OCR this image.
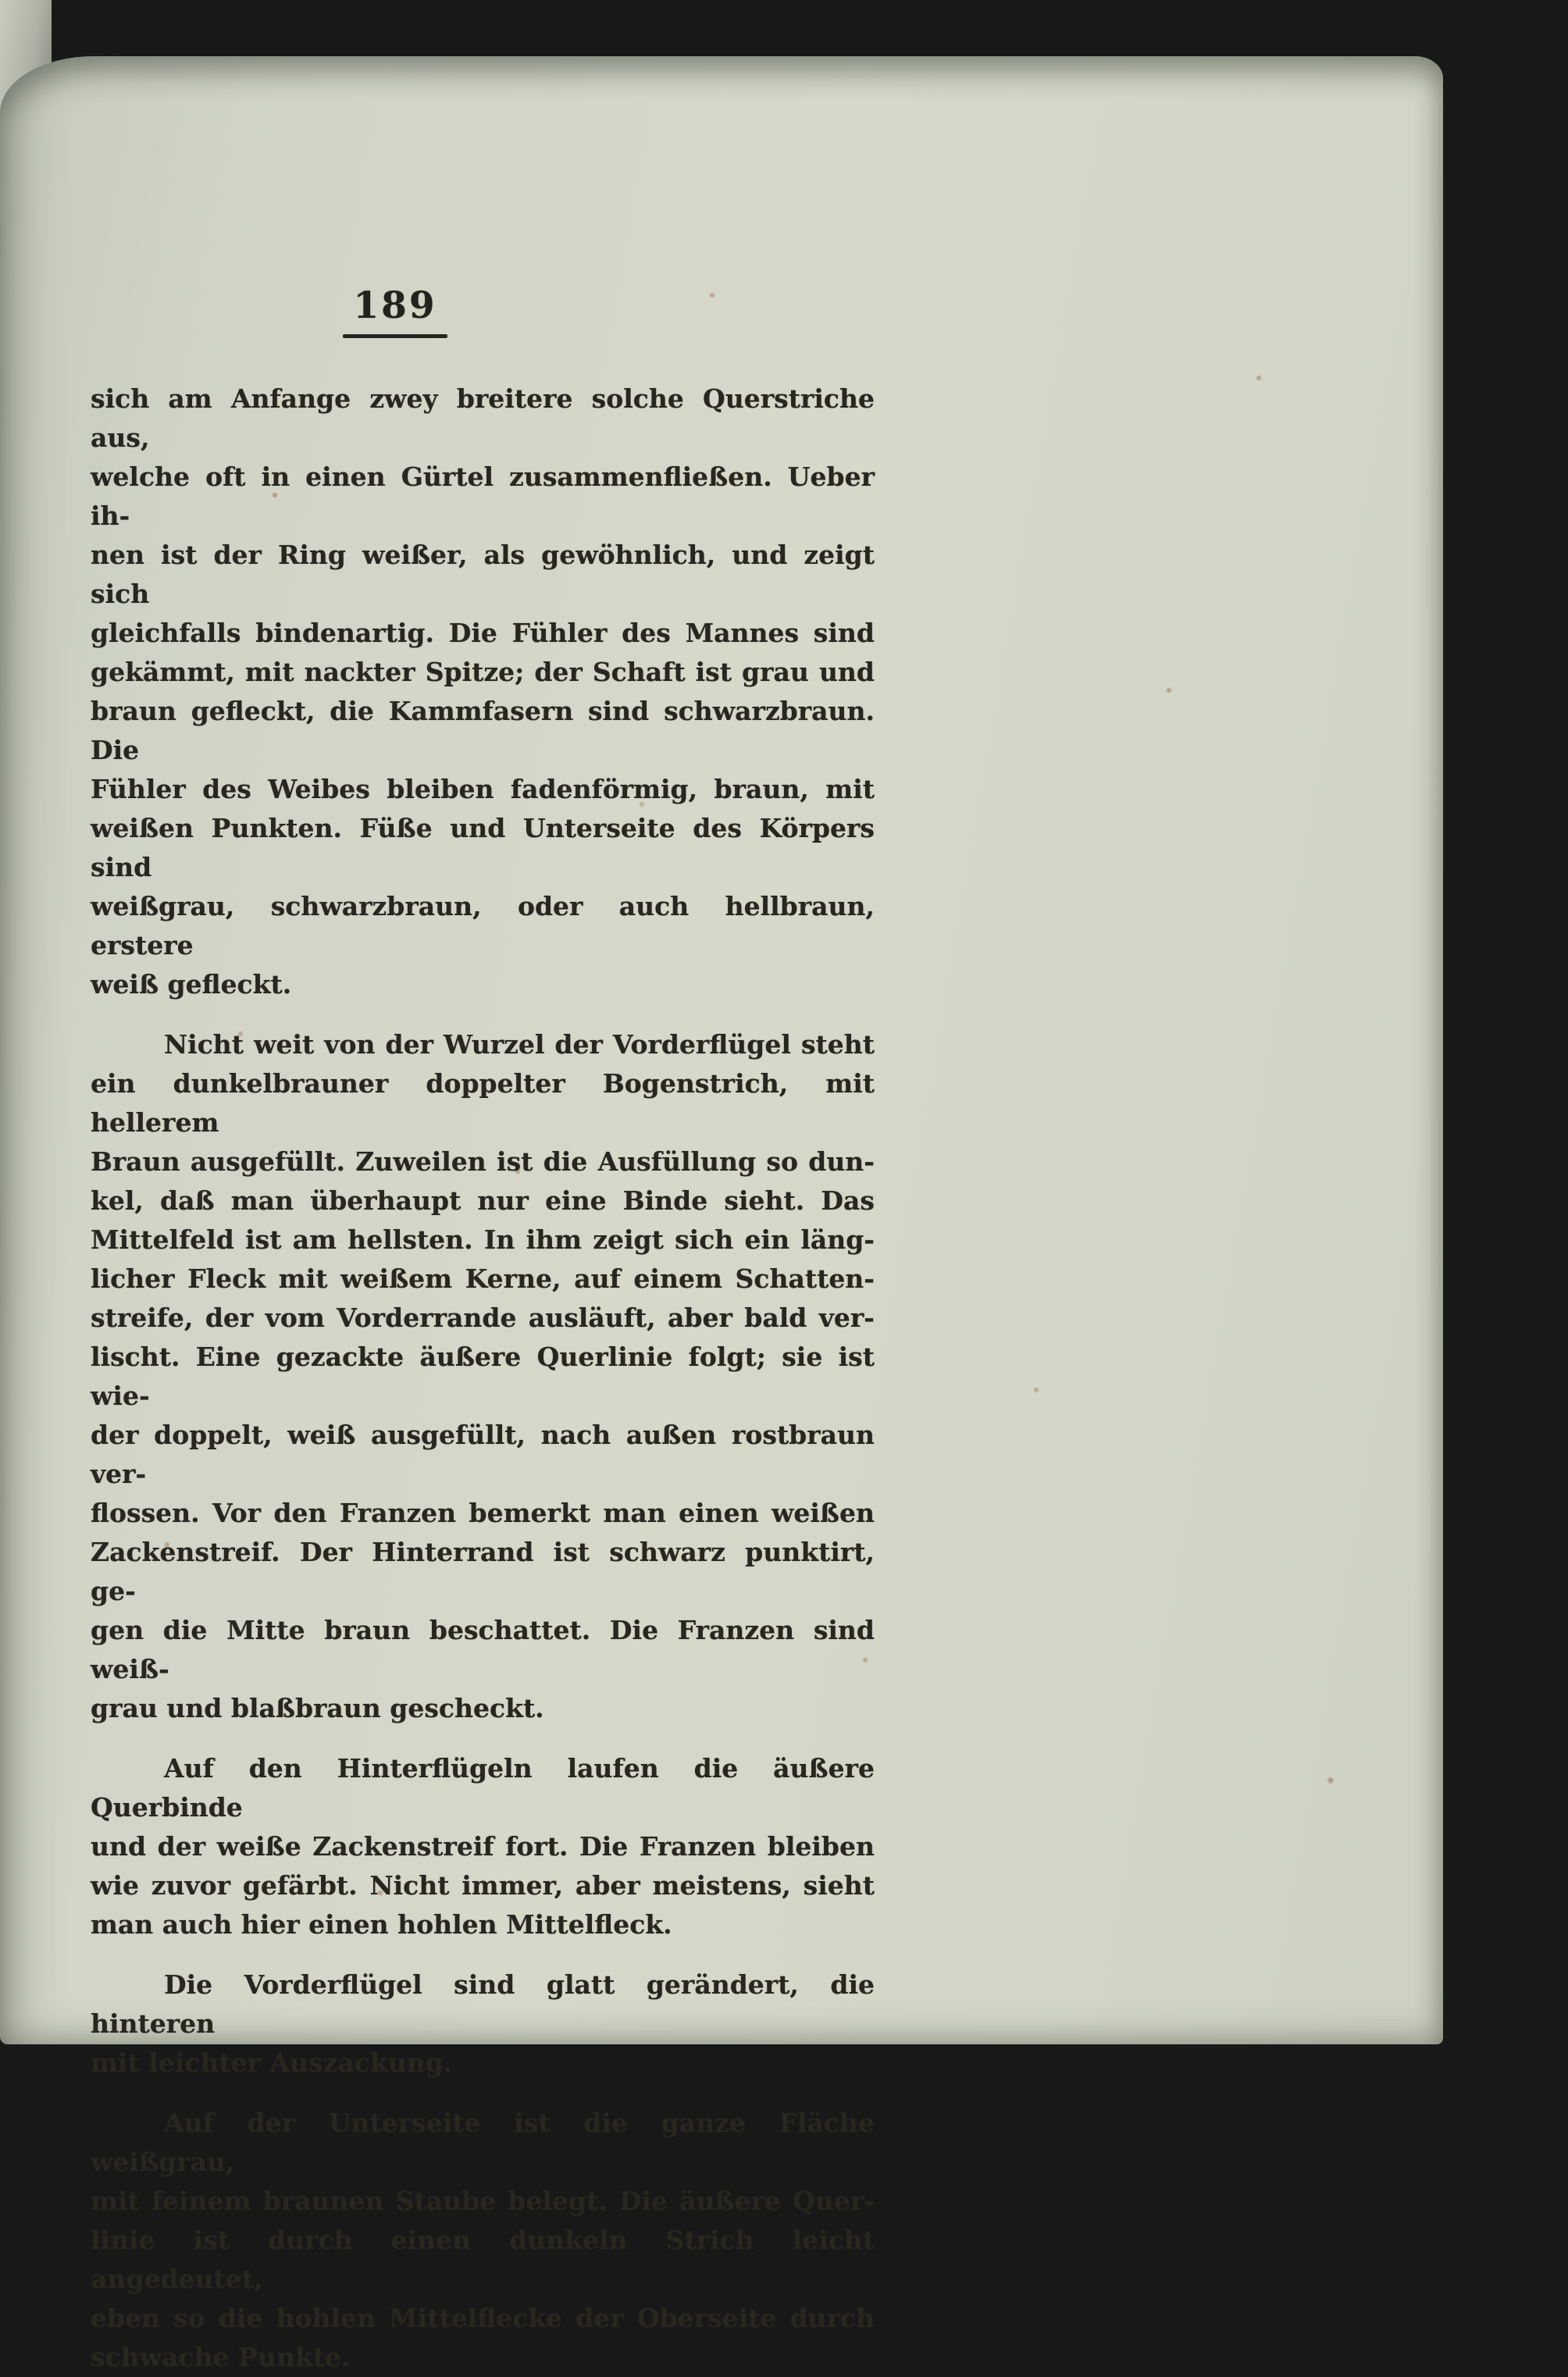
189
sich am Anfange zwey breitere solche Querstriche aus,
welche oft in einen Gürtel zusammenfließen. Ueber ih-
nen ist der Ring weißer, als gewöhnlich, und zeigt sich
gleichfalls bindenartig. Die Fühler des Mannes sind
gekämmt, mit nackter Spitze; der Schaft ist grau und
braun gefleckt, die Kammfasern sind schwarzbraun. Die
Fühler des Weibes bleiben fadenförmig, braun, mit
weißen Punkten. Füße und Unterseite des Körpers sind
weißgrau, schwarzbraun, oder auch hellbraun, erstere
weiß gefleckt.
Nicht weit von der Wurzel der Vorderflügel steht
ein dunkelbrauner doppelter Bogenstrich, mit hellerem
Braun ausgefüllt. Zuweilen ist die Ausfüllung so dun-
kel, daß man überhaupt nur eine Binde sieht. Das
Mittelfeld ist am hellsten. In ihm zeigt sich ein läng-
licher Fleck mit weißem Kerne, auf einem Schatten-
streife, der vom Vorderrande ausläuft, aber bald ver-
lischt. Eine gezackte äußere Querlinie folgt; sie ist wie-
der doppelt, weiß ausgefüllt, nach außen rostbraun ver-
flossen. Vor den Franzen bemerkt man einen weißen
Zackenstreif. Der Hinterrand ist schwarz punktirt, ge-
gen die Mitte braun beschattet. Die Franzen sind weiß-
grau und blaßbraun gescheckt.
Auf den Hinterflügeln laufen die äußere Querbinde
und der weiße Zackenstreif fort. Die Franzen bleiben
wie zuvor gefärbt. Nicht immer, aber meistens, sieht
man auch hier einen hohlen Mittelfleck.
Die Vorderflügel sind glatt gerändert, die hinteren
mit leichter Auszackung.
Auf der Unterseite ist die ganze Fläche weißgrau,
mit feinem braunen Staube belegt. Die äußere Quer-
linie ist durch einen dunkeln Strich leicht angedeutet,
eben so die hohlen Mittelflecke der Oberseite durch
schwache Punkte.
